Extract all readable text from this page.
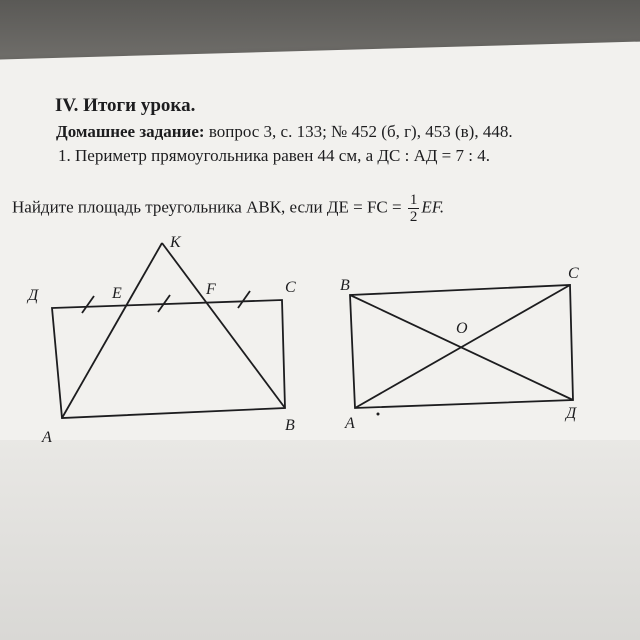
IV. Итоги урока.
Домашнее задание: вопрос 3, с. 133; № 452 (б, г), 453 (в), 448.
1. Периметр прямоугольника равен 44 см, а ДС : АД = 7 : 4.
Найдите площадь треугольника АВК, если ДЕ = FC = $\frac{1}{2}$ EF.
К
Д	E	F	С
А
В
В
С
О
А
Д
